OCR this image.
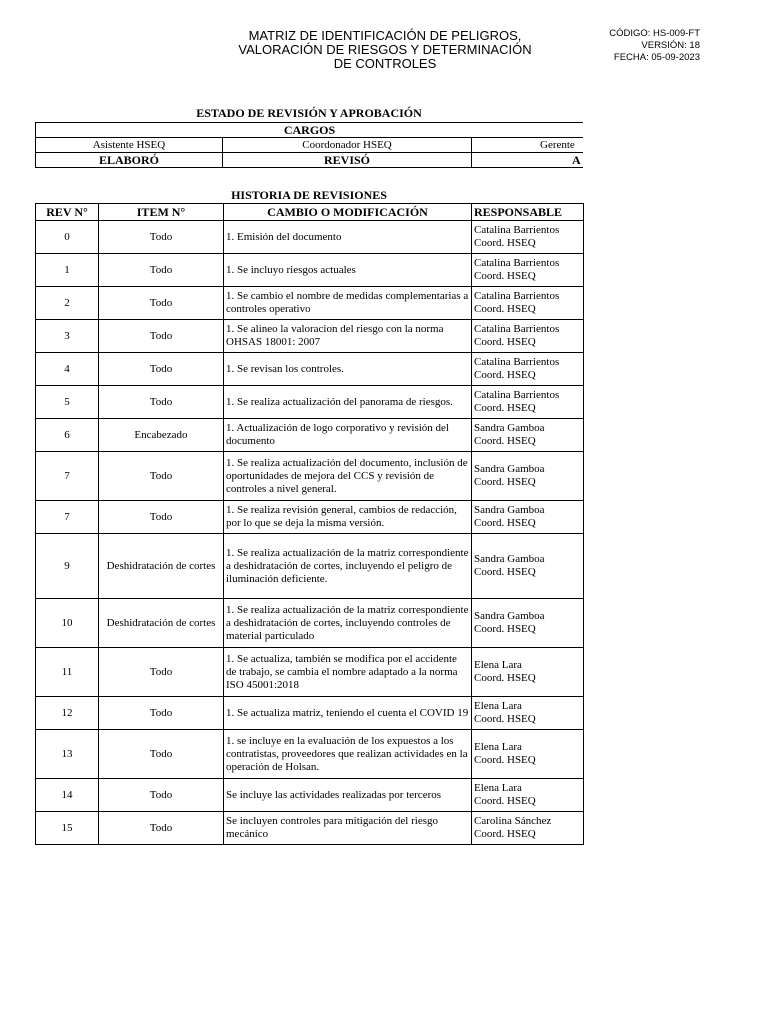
MATRIZ DE IDENTIFICACIÓN DE PELIGROS,
VALORACIÓN DE RIESGOS Y DETERMINACIÓN
DE CONTROLES
CÓDIGO: HS-009-FT
VERSIÓN: 18
FECHA: 05-09-2023
ESTADO DE REVISIÓN Y APROBACIÓN
CARGOS		
Asistente HSEQ	Coordonador HSEQ	Gerente
ELABORÓ	REVISÓ	A
HISTORIA DE REVISIONES
REV N°	ITEM N°	CAMBIO O MODIFICACIÓN	RESPONSABLE
0	Todo	1. Emisión del documento	Catalina Barrientos
Coord. HSEQ

1	Todo	1. Se incluyo riesgos actuales	Catalina Barrientos
Coord. HSEQ

2	Todo	1. Se cambio el nombre de medidas complementarias a controles operativo	Catalina Barrientos
Coord. HSEQ

3	Todo	1. Se alineo la valoracion del riesgo con la norma OHSAS 18001: 2007	Catalina Barrientos
Coord. HSEQ

4	Todo	1. Se revisan los controles.	Catalina Barrientos
Coord. HSEQ

5	Todo	1. Se realiza actualización del panorama de riesgos.	Catalina Barrientos
Coord. HSEQ

6	Encabezado	1. Actualización de logo corporativo y revisión del documento	Sandra Gamboa
Coord. HSEQ

7	Todo	1. Se realiza actualización del documento, inclusión de oportunidades de mejora del CCS y revisión de controles a nivel general.	Sandra Gamboa
Coord. HSEQ

7	Todo	1. Se realiza revisión general, cambios de redacción, por lo que se deja la misma versión.	Sandra Gamboa
Coord. HSEQ

9	Deshidratación de cortes	1. Se realiza actualización de la matriz correspondiente a deshidratación de cortes, incluyendo el peligro de iluminación deficiente.	Sandra Gamboa
Coord. HSEQ

10	Deshidratación de cortes	1. Se realiza actualización de la matriz correspondiente a deshidratación de cortes, incluyendo controles de material particulado	Sandra Gamboa
Coord. HSEQ

11	Todo	1. Se actualiza, también se modifica por el accidente de trabajo, se cambia el nombre adaptado a la norma ISO 45001:2018	Elena Lara
Coord. HSEQ

12	Todo	1. Se actualiza matriz, teniendo el cuenta el COVID 19	Elena Lara
Coord. HSEQ

13	Todo	1. se incluye en la evaluación de los expuestos a los contratistas, proveedores que realizan actividades en la operación de Holsan.	Elena Lara
Coord. HSEQ

14	Todo	Se incluye las actividades realizadas por terceros	Elena Lara
Coord. HSEQ

15	Todo	Se incluyen controles para mitigación del riesgo mecánico	Carolina Sánchez
Coord. HSEQ
